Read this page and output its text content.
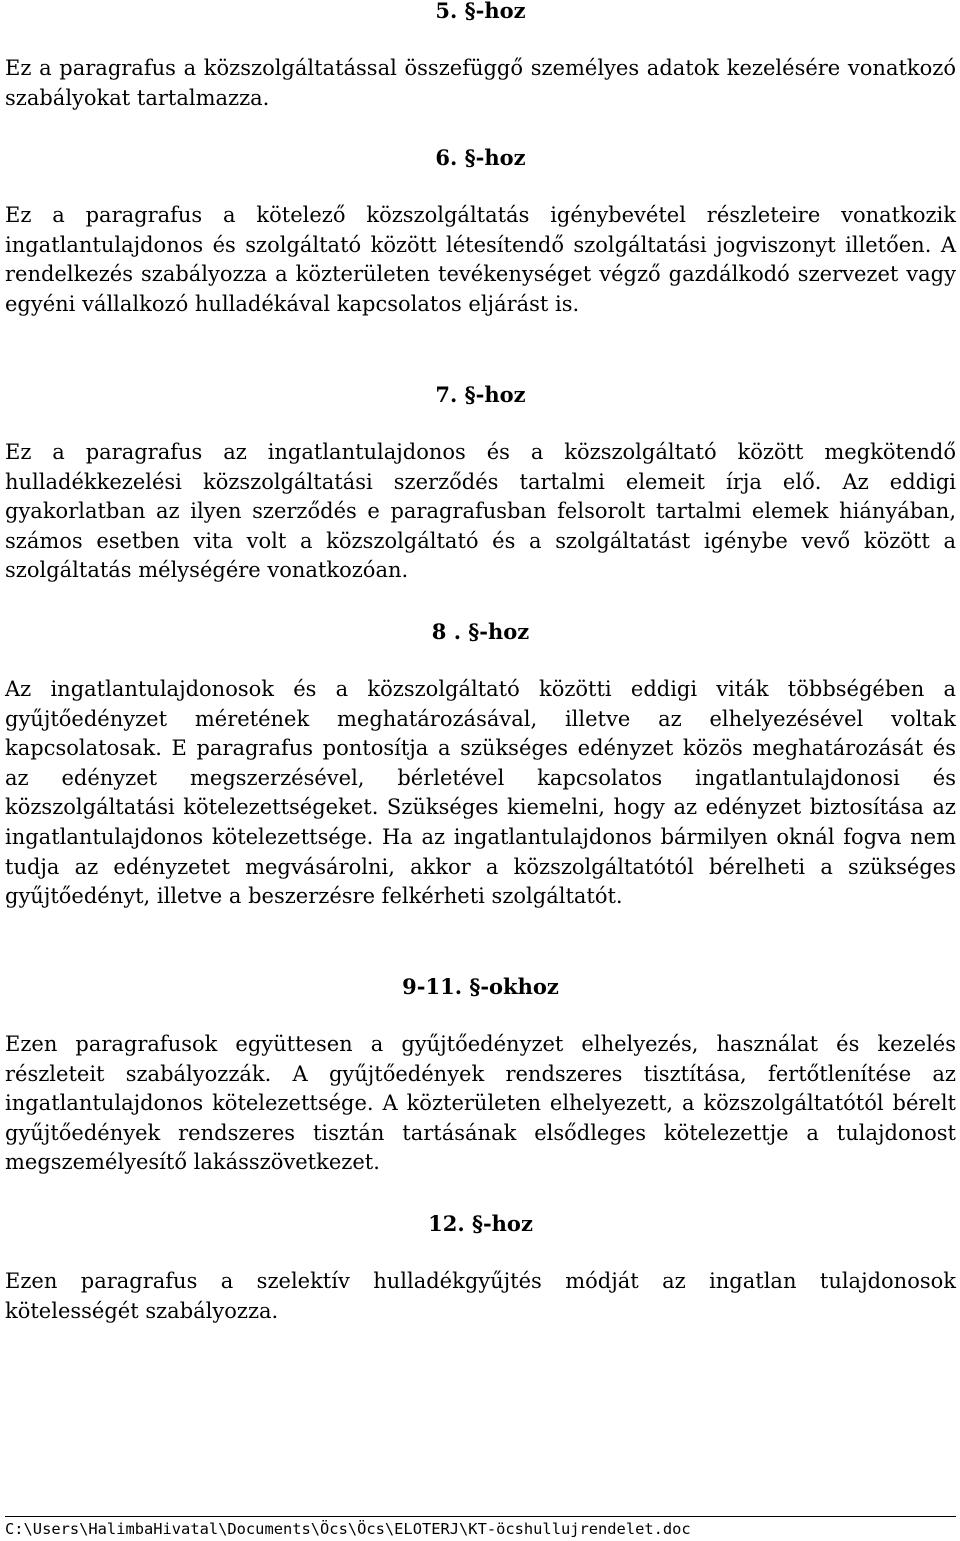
5. §-hoz

Ez a paragrafus a közszolgáltatással összefüggő személyes adatok kezelésére vonatkozó szabályokat tartalmazza.

6. §-hoz

Ez a paragrafus a kötelező közszolgáltatás igénybevétel részleteire vonatkozik ingatlantulajdonos és szolgáltató között létesítendő szolgáltatási jogviszonyt illetően. A rendelkezés szabályozza a közterületen tevékenységet végző gazdálkodó szervezet vagy egyéni vállalkozó hulladékával kapcsolatos eljárást is.

7. §-hoz

Ez a paragrafus az ingatlantulajdonos és a közszolgáltató között megkötendő hulladékkezelési közszolgáltatási szerződés tartalmi elemeit írja elő. Az eddigi gyakorlatban az ilyen szerződés e paragrafusban felsorolt tartalmi elemek hiányában, számos esetben vita volt a közszolgáltató és a szolgáltatást igénybe vevő között a szolgáltatás mélységére vonatkozóan.

8 . §-hoz

Az ingatlantulajdonosok és a közszolgáltató közötti eddigi viták többségében a gyűjtőedényzet méretének meghatározásával, illetve az elhelyezésével voltak kapcsolatosak. E paragrafus pontosítja a szükséges edényzet közös meghatározását és az edényzet megszerzésével, bérletével kapcsolatos ingatlantulajdonosi és közszolgáltatási kötelezettségeket. Szükséges kiemelni, hogy az edényzet biztosítása az ingatlantulajdonos kötelezettsége. Ha az ingatlantulajdonos bármilyen oknál fogva nem tudja az edényzetet megvásárolni, akkor a közszolgáltatótól bérelheti a szükséges gyűjtőedényt, illetve a beszerzésre felkérheti szolgáltatót.

9-11. §-okhoz

Ezen paragrafusok együttesen a gyűjtőedényzet elhelyezés, használat és kezelés részleteit szabályozzák. A gyűjtőedények rendszeres tisztítása, fertőtlenítése az ingatlantulajdonos kötelezettsége. A közterületen elhelyezett, a közszolgáltatótól bérelt gyűjtőedények rendszeres tisztán tartásának elsődleges kötelezettje a tulajdonost megszemélyesítő lakásszövetkezet.

12. §-hoz

Ezen paragrafus a szelektív hulladékgyűjtés módját az ingatlan tulajdonosok kötelességét szabályozza.

C:\Users\HalimbaHivatal\Documents\Öcs\Öcs\ELOTERJ\KT-öcshullujrendelet.doc
